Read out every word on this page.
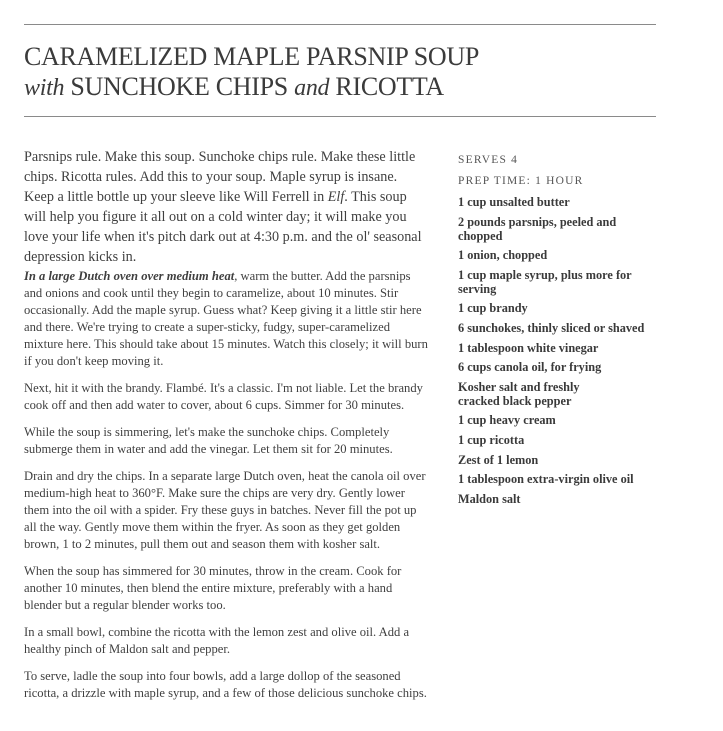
CARAMELIZED MAPLE PARSNIP SOUP
with SUNCHOKE CHIPS and RICOTTA

Parsnips rule. Make this soup. Sunchoke chips rule. Make these little chips. Ricotta rules. Add this to your soup. Maple syrup is insane. Keep a little bottle up your sleeve like Will Ferrell in Elf. This soup will help you figure it all out on a cold winter day; it will make you love your life when it's pitch dark out at 4:30 p.m. and the ol' seasonal depression kicks in.

In a large Dutch oven over medium heat, warm the butter. Add the parsnips and onions and cook until they begin to caramelize, about 10 minutes. Stir occasionally. Add the maple syrup. Guess what? Keep giving it a little stir here and there. We're trying to create a super-sticky, fudgy, super-caramelized mixture here. This should take about 15 minutes. Watch this closely; it will burn if you don't keep moving it.

Next, hit it with the brandy. Flambé. It's a classic. I'm not liable. Let the brandy cook off and then add water to cover, about 6 cups. Simmer for 30 minutes.

While the soup is simmering, let's make the sunchoke chips. Completely submerge them in water and add the vinegar. Let them sit for 20 minutes.

Drain and dry the chips. In a separate large Dutch oven, heat the canola oil over medium-high heat to 360°F. Make sure the chips are very dry. Gently lower them into the oil with a spider. Fry these guys in batches. Never fill the pot up all the way. Gently move them within the fryer. As soon as they get golden brown, 1 to 2 minutes, pull them out and season them with kosher salt.

When the soup has simmered for 30 minutes, throw in the cream. Cook for another 10 minutes, then blend the entire mixture, preferably with a hand blender but a regular blender works too.

In a small bowl, combine the ricotta with the lemon zest and olive oil. Add a healthy pinch of Maldon salt and pepper.

To serve, ladle the soup into four bowls, add a large dollop of the seasoned ricotta, a drizzle with maple syrup, and a few of those delicious sunchoke chips.

SERVES 4

PREP TIME: 1 HOUR

1 cup unsalted butter
2 pounds parsnips, peeled and chopped
1 onion, chopped
1 cup maple syrup, plus more for serving
1 cup brandy
6 sunchokes, thinly sliced or shaved
1 tablespoon white vinegar
6 cups canola oil, for frying
Kosher salt and freshly cracked black pepper
1 cup heavy cream
1 cup ricotta
Zest of 1 lemon
1 tablespoon extra-virgin olive oil
Maldon salt
